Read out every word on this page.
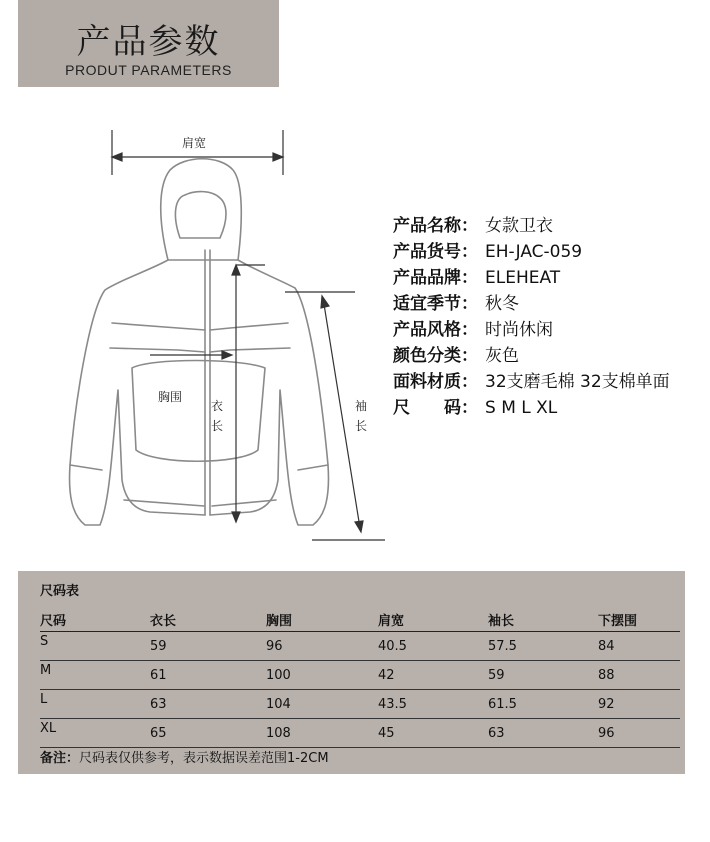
产品参数
PRODUT PARAMETERS
肩宽
胸围
衣
长
袖
长
产品名称： 女款卫衣
产品货号： EH-JAC-059
产品品牌： ELEHEAT
适宜季节： 秋冬
产品风格： 时尚休闲
颜色分类： 灰色
面料材质： 32支磨毛棉 32支棉单面
尺　　码： S M L XL
尺码表
尺码	衣长	胸围	肩宽	袖长	下摆围
S	59	96	40.5	57.5	84
M	61	100	42	59	88
L	63	104	43.5	61.5	92
XL	65	108	45	63	96
备注：尺码表仅供参考，表示数据误差范围1-2CM
